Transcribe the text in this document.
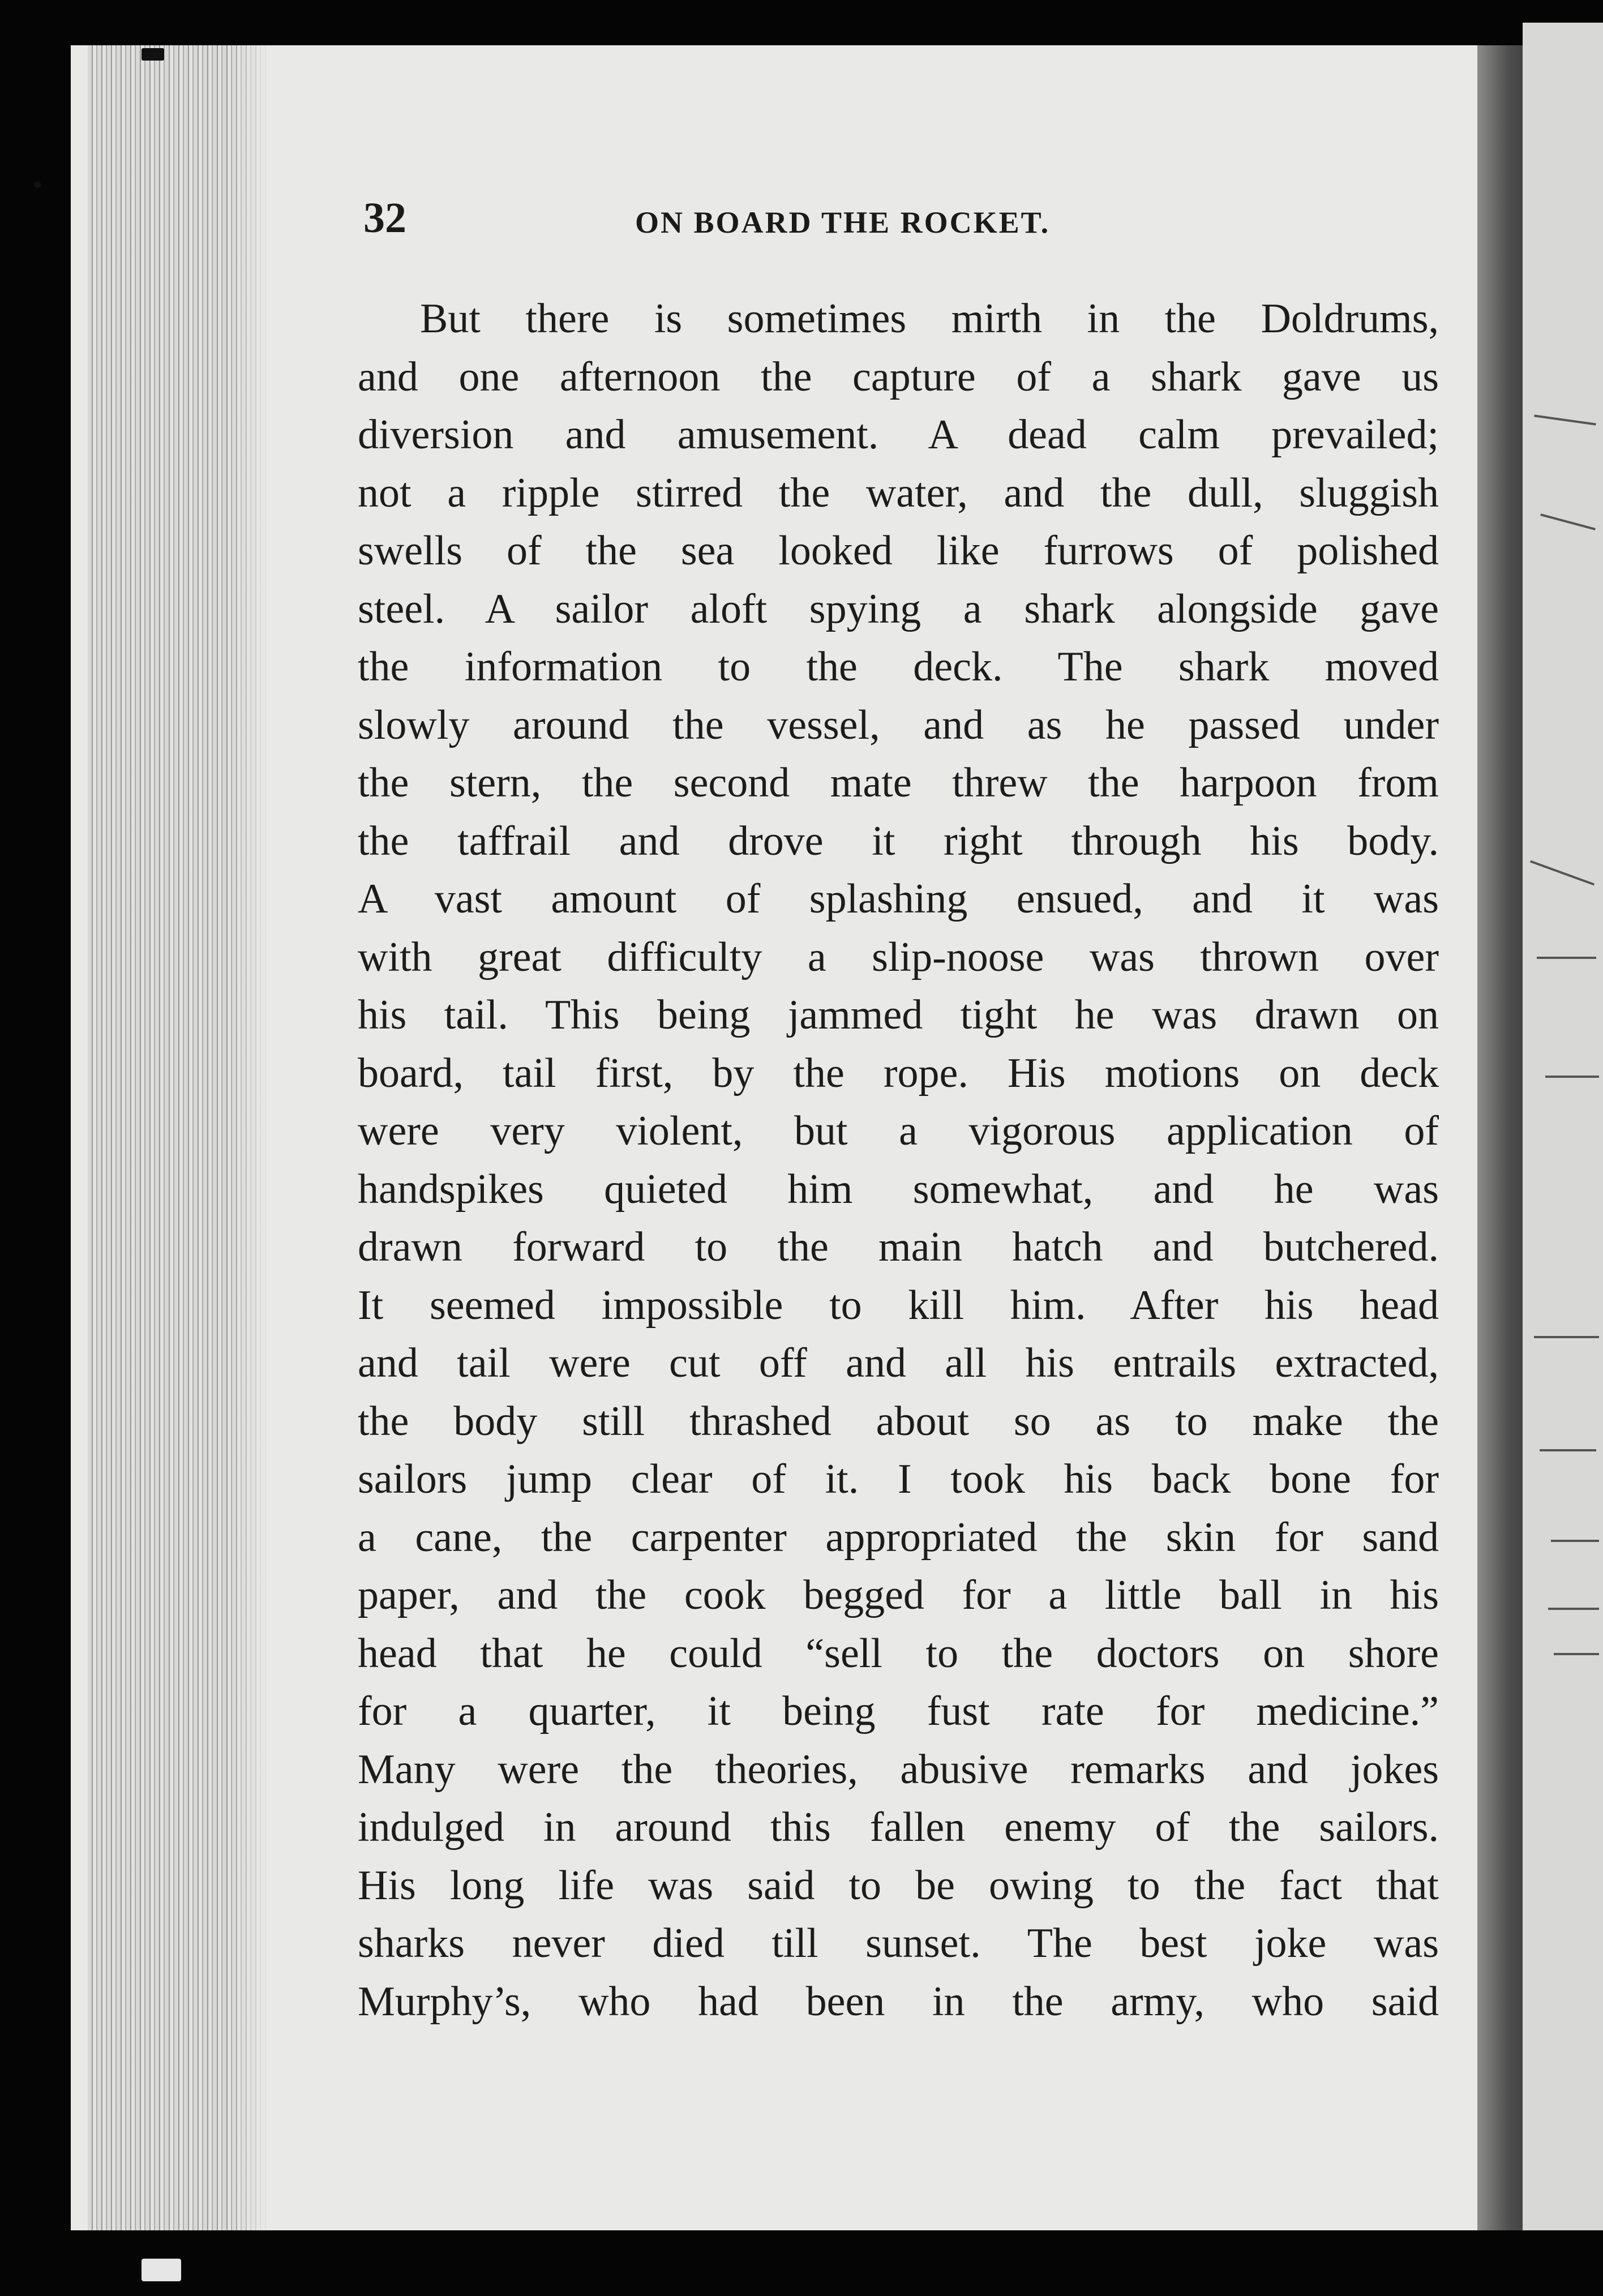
32	ON BOARD THE ROCKET.
But there is sometimes mirth in the Doldrums,
and one afternoon the capture of a shark gave us
diversion and amusement. A dead calm prevailed;
not a ripple stirred the water, and the dull, sluggish
swells of the sea looked like furrows of polished
steel. A sailor aloft spying a shark alongside gave
the information to the deck. The shark moved
slowly around the vessel, and as he passed under
the stern, the second mate threw the harpoon from
the taffrail and drove it right through his body.
A vast amount of splashing ensued, and it was
with great difficulty a slip-noose was thrown over
his tail. This being jammed tight he was drawn on
board, tail first, by the rope. His motions on deck
were very violent, but a vigorous application of
handspikes quieted him somewhat, and he was
drawn forward to the main hatch and butchered.
It seemed impossible to kill him. After his head
and tail were cut off and all his entrails extracted,
the body still thrashed about so as to make the
sailors jump clear of it. I took his back bone for
a cane, the carpenter appropriated the skin for sand
paper, and the cook begged for a little ball in his
head that he could “sell to the doctors on shore
for a quarter, it being fust rate for medicine.”
Many were the theories, abusive remarks and jokes
indulged in around this fallen enemy of the sailors.
His long life was said to be owing to the fact that
sharks never died till sunset. The best joke was
Murphy’s, who had been in the army, who said
